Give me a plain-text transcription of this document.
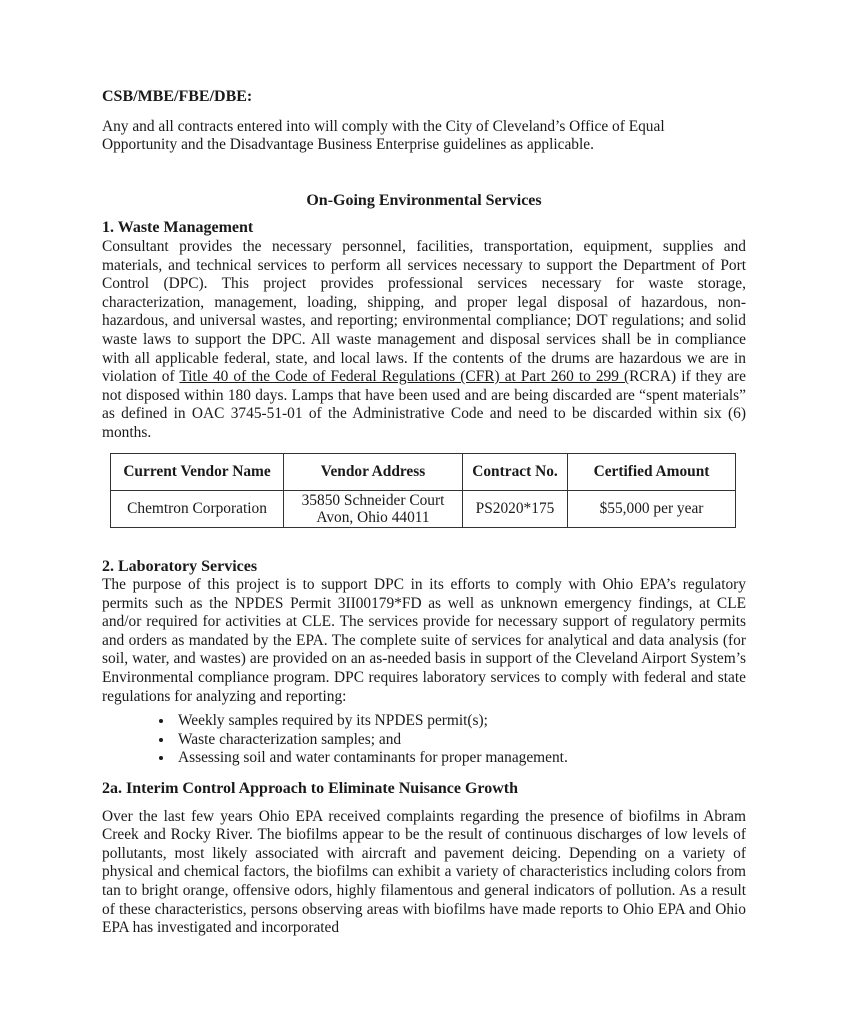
CSB/MBE/FBE/DBE:

Any and all contracts entered into will comply with the City of Cleveland’s Office of Equal Opportunity and the Disadvantage Business Enterprise guidelines as applicable.

On-Going Environmental Services

1. Waste Management

Consultant provides the necessary personnel, facilities, transportation, equipment, supplies and materials, and technical services to perform all services necessary to support the Department of Port Control (DPC). This project provides professional services necessary for waste storage, characterization, management, loading, shipping, and proper legal disposal of hazardous, non-hazardous, and universal wastes, and reporting; environmental compliance; DOT regulations; and solid waste laws to support the DPC. All waste management and disposal services shall be in compliance with all applicable federal, state, and local laws. If the contents of the drums are hazardous we are in violation of Title 40 of the Code of Federal Regulations (CFR) at Part 260 to 299 (RCRA) if they are not disposed within 180 days. Lamps that have been used and are being discarded are “spent materials” as defined in OAC 3745-51-01 of the Administrative Code and need to be discarded within six (6) months.

Current Vendor Name	Vendor Address	Contract No.	Certified Amount
Chemtron Corporation	35850 Schneider Court
Avon, Ohio 44011	PS2020*175	$55,000 per year

2. Laboratory Services

The purpose of this project is to support DPC in its efforts to comply with Ohio EPA’s regulatory permits such as the NPDES Permit 3II00179*FD as well as unknown emergency findings, at CLE and/or required for activities at CLE. The services provide for necessary support of regulatory permits and orders as mandated by the EPA. The complete suite of services for analytical and data analysis (for soil, water, and wastes) are provided on an as-needed basis in support of the Cleveland Airport System’s Environmental compliance program. DPC requires laboratory services to comply with federal and state regulations for analyzing and reporting:

• Weekly samples required by its NPDES permit(s);
• Waste characterization samples; and
• Assessing soil and water contaminants for proper management.

2a. Interim Control Approach to Eliminate Nuisance Growth

Over the last few years Ohio EPA received complaints regarding the presence of biofilms in Abram Creek and Rocky River. The biofilms appear to be the result of continuous discharges of low levels of pollutants, most likely associated with aircraft and pavement deicing. Depending on a variety of physical and chemical factors, the biofilms can exhibit a variety of characteristics including colors from tan to bright orange, offensive odors, highly filamentous and general indicators of pollution. As a result of these characteristics, persons observing areas with biofilms have made reports to Ohio EPA and Ohio EPA has investigated and incorporated
